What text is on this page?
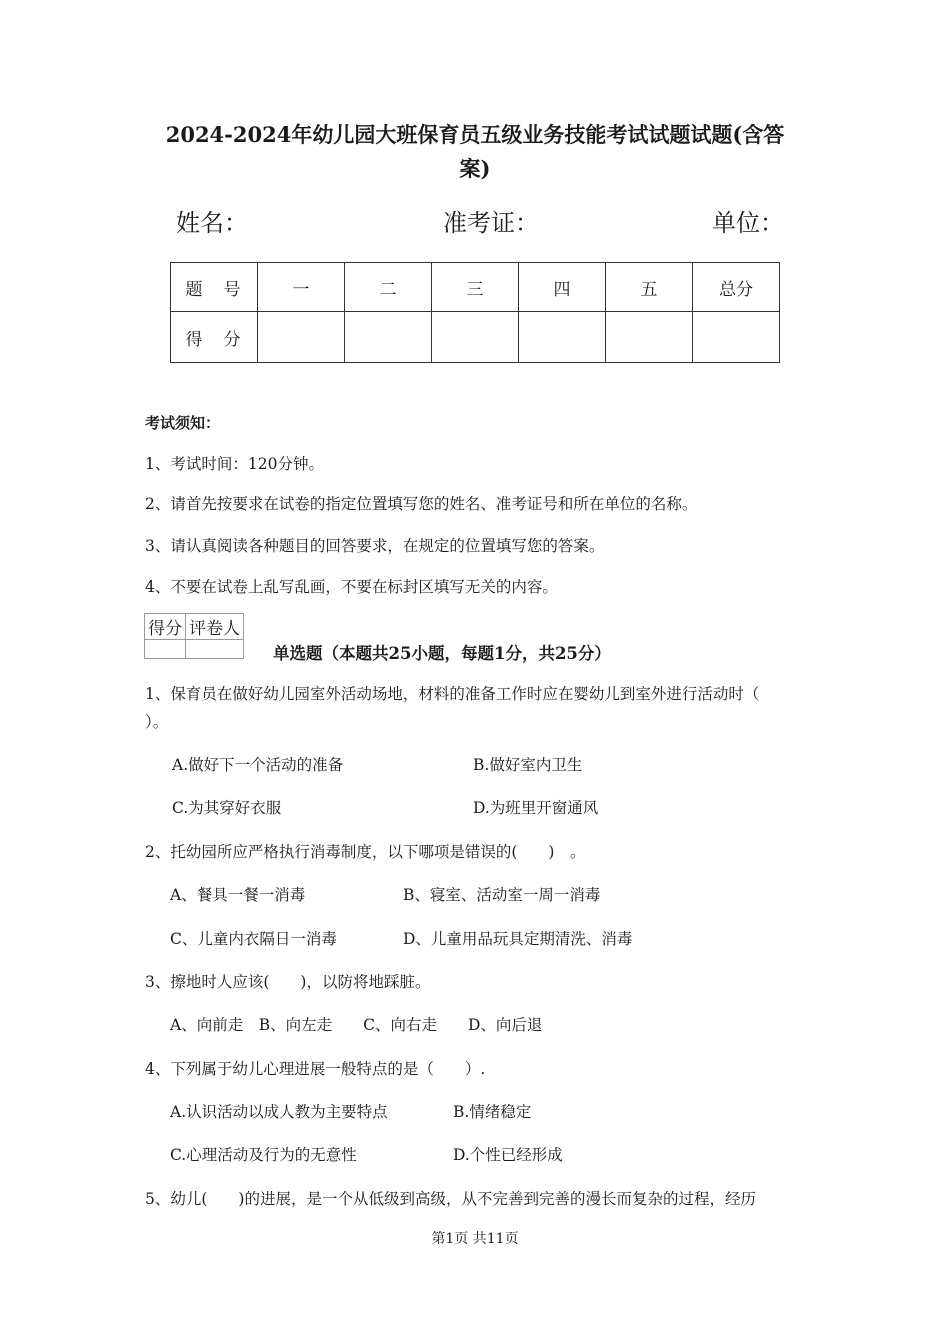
2024-2024年幼儿园大班保育员五级业务技能考试试题试题(含答
案)
姓名：	准考证：	单位：
题　号	一	二	三	四	五	总分
得　分						
考试须知：
1、考试时间：120分钟。
2、请首先按要求在试卷的指定位置填写您的姓名、准考证号和所在单位的名称。
3、请认真阅读各种题目的回答要求，在规定的位置填写您的答案。
4、不要在试卷上乱写乱画，不要在标封区填写无关的内容。
得分	评卷人

单选题（本题共25小题，每题1分，共25分）
1、保育员在做好幼儿园室外活动场地，材料的准备工作时应在婴幼儿到室外进行活动时（
）。
A.做好下一个活动的准备	B.做好室内卫生
C.为其穿好衣服	D.为班里开窗通风
2、托幼园所应严格执行消毒制度，以下哪项是错误的(　　)　。
A、餐具一餐一消毒	B、寝室、活动室一周一消毒
C、儿童内衣隔日一消毒	D、儿童用品玩具定期清洗、消毒
3、擦地时人应该(　　)，以防将地踩脏。
A、向前走　B、向左走　　C、向右走　　D、向后退
4、下列属于幼儿心理进展一般特点的是（　　）.
A.认识活动以成人教为主要特点	B.情绪稳定
C.心理活动及行为的无意性	D.个性已经形成
5、幼儿(　　)的进展，是一个从低级到高级，从不完善到完善的漫长而复杂的过程，经历
第1页 共11页
